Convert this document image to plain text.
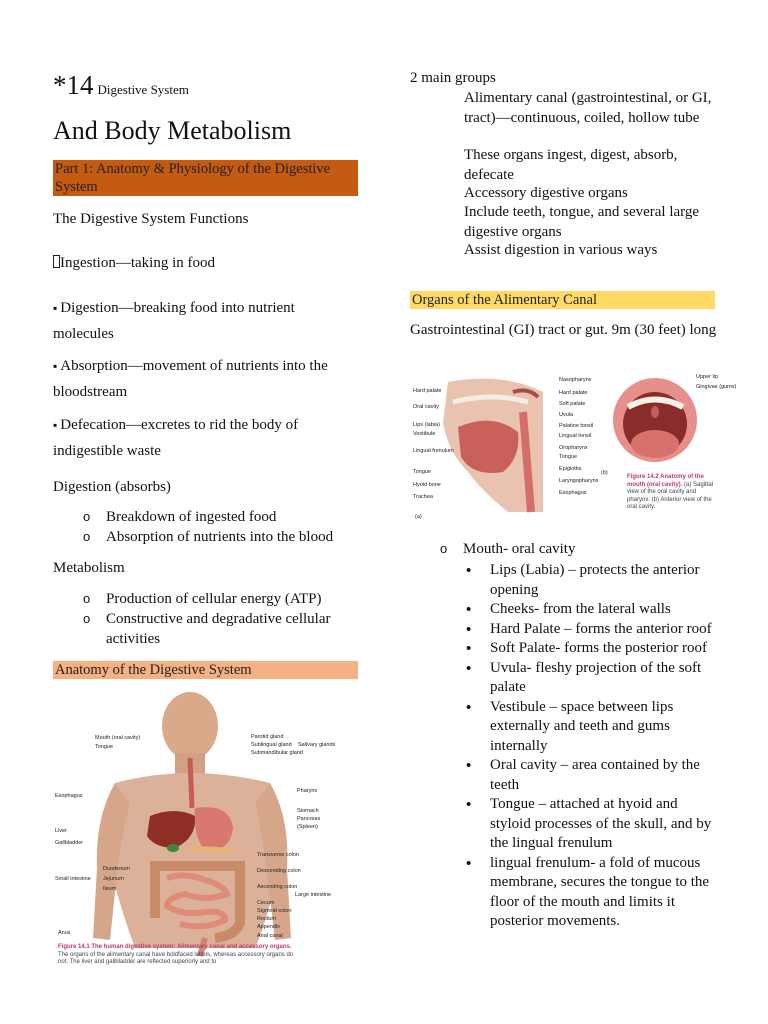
*14 Digestive System
And Body Metabolism
Part 1: Anatomy & Physiology of the Digestive System
The Digestive System Functions
Ingestion—taking in food
▪ Digestion—breaking food into nutrient molecules
▪ Absorption—movement of nutrients into the bloodstream
▪ Defecation—excretes to rid the body of indigestible waste
Digestion (absorbs)
o Breakdown of ingested food
o Absorption of nutrients into the blood
Metabolism
o Production of cellular energy (ATP)
o Constructive and degradative cellular activities
Anatomy of the Digestive System
Mouth (oral cavity)
Tongue
Esophagus
Liver
Gallbladder
Duodenum
Small intestine Jejunum
Ileum
Anus
Parotid gland
Sublingual gland
Submandibular gland
Salivary glands
Pharynx
Stomach
Pancreas
(Spleen)
Transverse colon
Descending colon
Ascending colon
Cecum
Sigmoid colon
Rectum
Appendix
Anal canal
Large intestine
Figure 14.1 The human digestive system: Alimentary canal and accessory organs. The organs of the alimentary canal have boldfaced labels, whereas accessory organs do not. The liver and gallbladder are reflected superiorly and to
2 main groups
Alimentary canal (gastrointestinal, or GI, tract)—continuous, coiled, hollow tube
These organs ingest, digest, absorb, defecate
Accessory digestive organs
Include teeth, tongue, and several large digestive organs
Assist digestion in various ways
Organs of the Alimentary Canal
Gastrointestinal (GI) tract or gut. 9m (30 feet) long
Hard palate
Oral cavity
Lips (labia)
Vestibule
Lingual frenulum
Tongue
Hyoid bone
Trachea
Nasopharynx
Hard palate
Soft palate
Uvula
Palatine tonsil
Lingual tonsil
Oropharynx
Tongue
Epiglottis
Laryngopharynx
Esophagus
Upper lip
Gingivae (gums)
(a)
(b)
Figure 14.2 Anatomy of the mouth (oral cavity). (a) Sagittal view of the oral cavity and pharynx. (b) Anterior view of the oral cavity.
o Mouth- oral cavity
• Lips (Labia) – protects the anterior opening
• Cheeks- from the lateral walls
• Hard Palate – forms the anterior roof
• Soft Palate- forms the posterior roof
• Uvula- fleshy projection of the soft palate
• Vestibule – space between lips externally and teeth and gums internally
• Oral cavity – area contained by the teeth
• Tongue – attached at hyoid and styloid processes of the skull, and by the lingual frenulum
• lingual frenulum- a fold of mucous membrane, secures the tongue to the floor of the mouth and limits it posterior movements.
